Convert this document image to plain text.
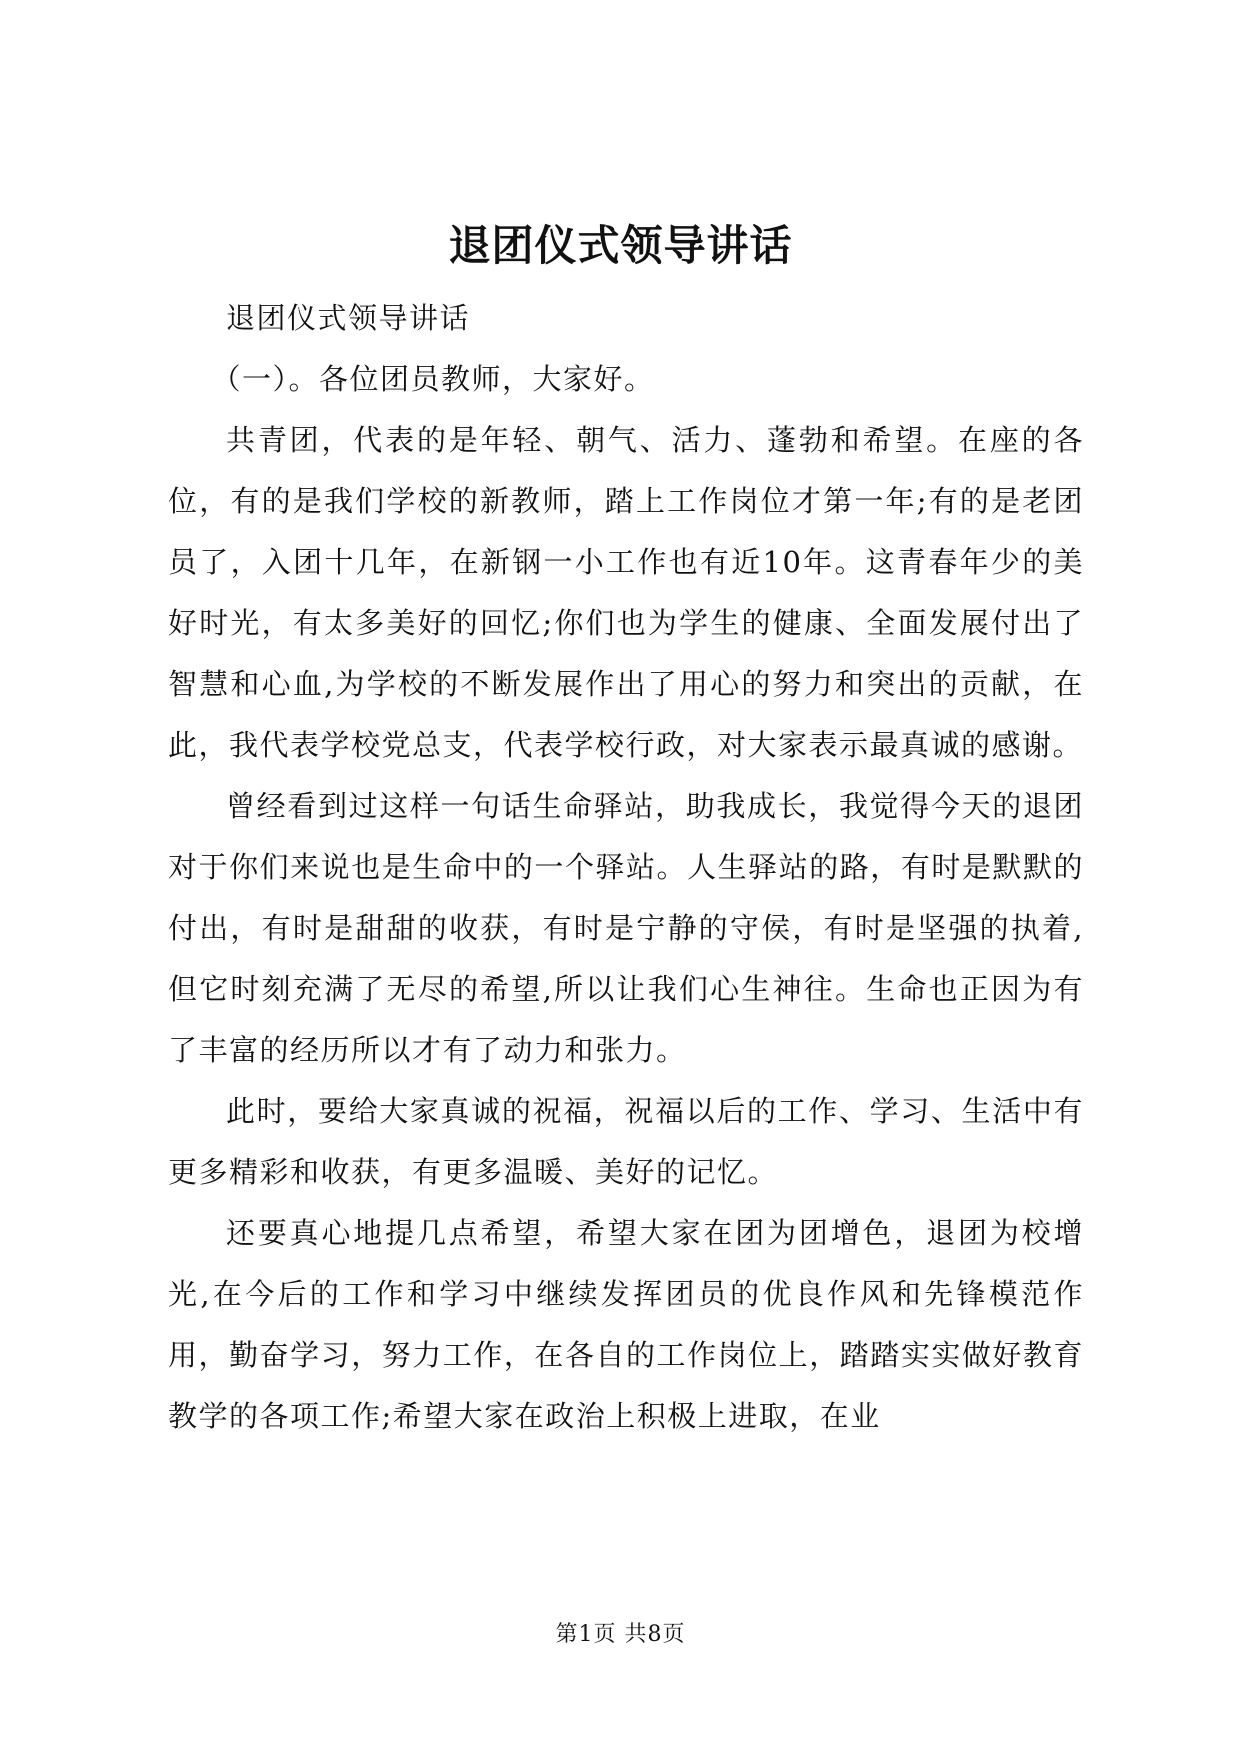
退团仪式领导讲话

退团仪式领导讲话

（一）。各位团员教师，大家好。

共青团，代表的是年轻、朝气、活力、蓬勃和希望。在座的各位，有的是我们学校的新教师，踏上工作岗位才第一年;有的是老团员了，入团十几年，在新钢一小工作也有近10年。这青春年少的美好时光，有太多美好的回忆;你们也为学生的健康、全面发展付出了智慧和心血,为学校的不断发展作出了用心的努力和突出的贡献，在此，我代表学校党总支，代表学校行政，对大家表示最真诚的感谢。

曾经看到过这样一句话生命驿站，助我成长，我觉得今天的退团对于你们来说也是生命中的一个驿站。人生驿站的路，有时是默默的付出，有时是甜甜的收获，有时是宁静的守侯，有时是坚强的执着,但它时刻充满了无尽的希望,所以让我们心生神往。生命也正因为有了丰富的经历所以才有了动力和张力。

此时，要给大家真诚的祝福，祝福以后的工作、学习、生活中有更多精彩和收获，有更多温暖、美好的记忆。

还要真心地提几点希望，希望大家在团为团增色，退团为校增光,在今后的工作和学习中继续发挥团员的优良作风和先锋模范作用，勤奋学习，努力工作，在各自的工作岗位上，踏踏实实做好教育教学的各项工作;希望大家在政治上积极上进取，在业

第1页 共8页
